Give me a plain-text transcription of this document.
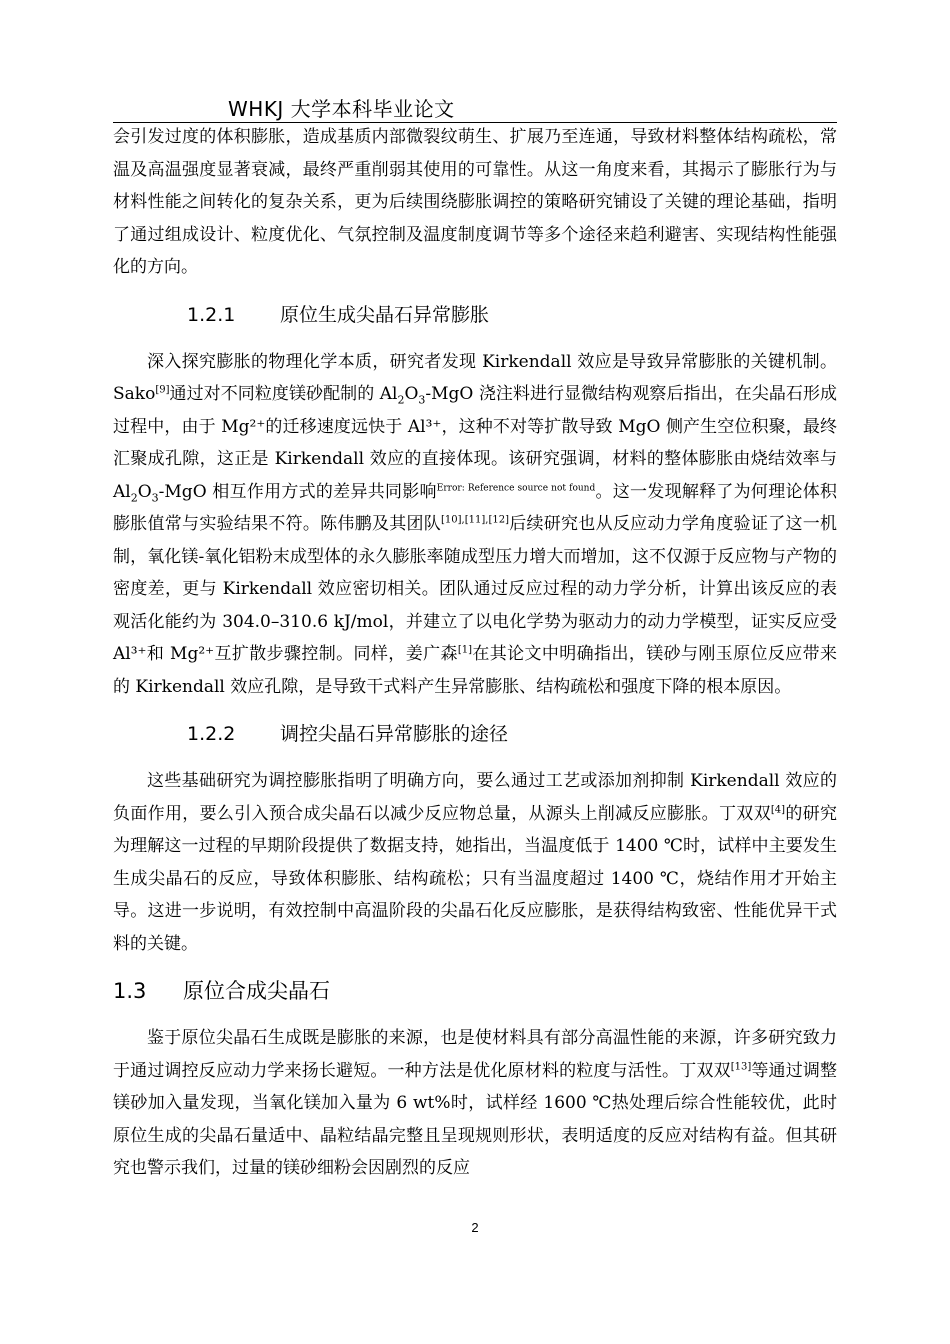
WHKJ 大学本科毕业论文

会引发过度的体积膨胀，造成基质内部微裂纹萌生、扩展乃至连通，导致材料整体结构疏松，常温及高温强度显著衰减，最终严重削弱其使用的可靠性。从这一角度来看，其揭示了膨胀行为与材料性能之间转化的复杂关系，更为后续围绕膨胀调控的策略研究铺设了关键的理论基础，指明了通过组成设计、粒度优化、气氛控制及温度制度调节等多个途径来趋利避害、实现结构性能强化的方向。

1.2.1 原位生成尖晶石异常膨胀

深入探究膨胀的物理化学本质，研究者发现 Kirkendall 效应是导致异常膨胀的关键机制。Sako[9]通过对不同粒度镁砂配制的 $Al_2O_3$-MgO 浇注料进行显微结构观察后指出，在尖晶石形成过程中，由于 Mg²⁺的迁移速度远快于 Al³⁺，这种不对等扩散导致 MgO 侧产生空位积聚，最终汇聚成孔隙，这正是 Kirkendall 效应的直接体现。该研究强调，材料的整体膨胀由烧结效率与 $Al_2O_3$-MgO 相互作用方式的差异共同影响$^{Error: Reference source not found}$。这一发现解释了为何理论体积膨胀值常与实验结果不符。陈伟鹏及其团队[10],[11],[12]后续研究也从反应动力学角度验证了这一机制，氧化镁-氧化铝粉末成型体的永久膨胀率随成型压力增大而增加，这不仅源于反应物与产物的密度差，更与 Kirkendall 效应密切相关。团队通过反应过程的动力学分析，计算出该反应的表观活化能约为 304.0–310.6 kJ/mol，并建立了以电化学势为驱动力的动力学模型，证实反应受 Al³⁺和 Mg²⁺互扩散步骤控制。同样，姜广森[1]在其论文中明确指出，镁砂与刚玉原位反应带来的 Kirkendall 效应孔隙，是导致干式料产生异常膨胀、结构疏松和强度下降的根本原因。

1.2.2 调控尖晶石异常膨胀的途径

这些基础研究为调控膨胀指明了明确方向，要么通过工艺或添加剂抑制 Kirkendall 效应的负面作用，要么引入预合成尖晶石以减少反应物总量，从源头上削减反应膨胀。丁双双[4]的研究为理解这一过程的早期阶段提供了数据支持，她指出，当温度低于 1400 ℃时，试样中主要发生生成尖晶石的反应，导致体积膨胀、结构疏松；只有当温度超过 1400 ℃，烧结作用才开始主导。这进一步说明，有效控制中高温阶段的尖晶石化反应膨胀，是获得结构致密、性能优异干式料的关键。

1.3 原位合成尖晶石

鉴于原位尖晶石生成既是膨胀的来源，也是使材料具有部分高温性能的来源，许多研究致力于通过调控反应动力学来扬长避短。一种方法是优化原材料的粒度与活性。丁双双[13]等通过调整镁砂加入量发现，当氧化镁加入量为 6 wt%时，试样经 1600 ℃热处理后综合性能较优，此时原位生成的尖晶石量适中、晶粒结晶完整且呈现规则形状，表明适度的反应对结构有益。但其研究也警示我们，过量的镁砂细粉会因剧烈的反应

2
